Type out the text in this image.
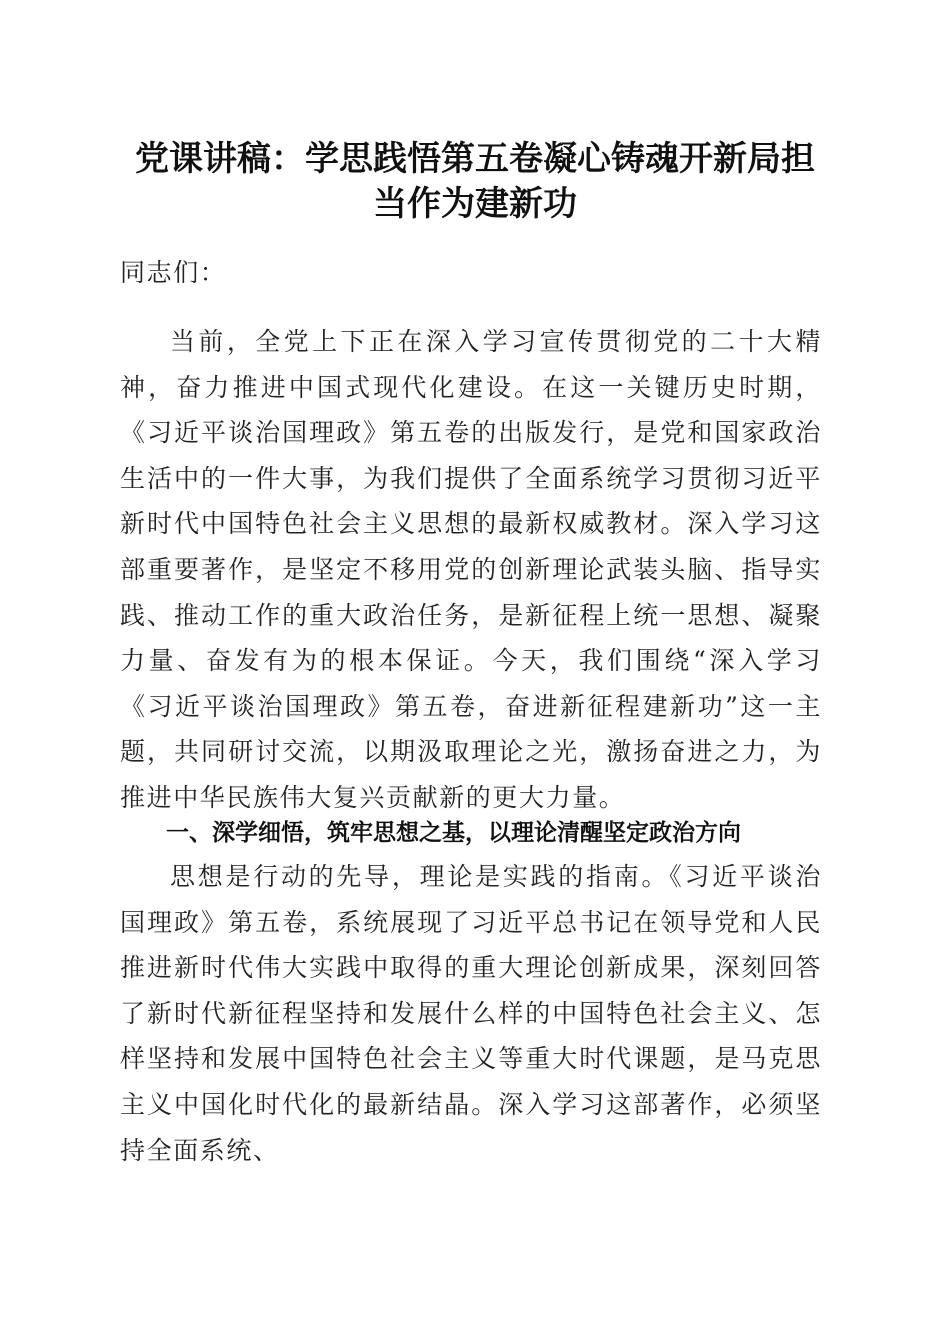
党课讲稿：学思践悟第五卷凝心铸魂开新局担
当作为建新功

同志们：

当前，全党上下正在深入学习宣传贯彻党的二十大精神，奋力推进中国式现代化建设。在这一关键历史时期，《习近平谈治国理政》第五卷的出版发行，是党和国家政治生活中的一件大事，为我们提供了全面系统学习贯彻习近平新时代中国特色社会主义思想的最新权威教材。深入学习这部重要著作，是坚定不移用党的创新理论武装头脑、指导实践、推动工作的重大政治任务，是新征程上统一思想、凝聚力量、奋发有为的根本保证。今天，我们围绕“深入学习《习近平谈治国理政》第五卷，奋进新征程建新功”这一主题，共同研讨交流，以期汲取理论之光，激扬奋进之力，为推进中华民族伟大复兴贡献新的更大力量。

一、深学细悟，筑牢思想之基，以理论清醒坚定政治方向

思想是行动的先导，理论是实践的指南。《习近平谈治国理政》第五卷，系统展现了习近平总书记在领导党和人民推进新时代伟大实践中取得的重大理论创新成果，深刻回答了新时代新征程坚持和发展什么样的中国特色社会主义、怎样坚持和发展中国特色社会主义等重大时代课题，是马克思主义中国化时代化的最新结晶。深入学习这部著作，必须坚持全面系统、
